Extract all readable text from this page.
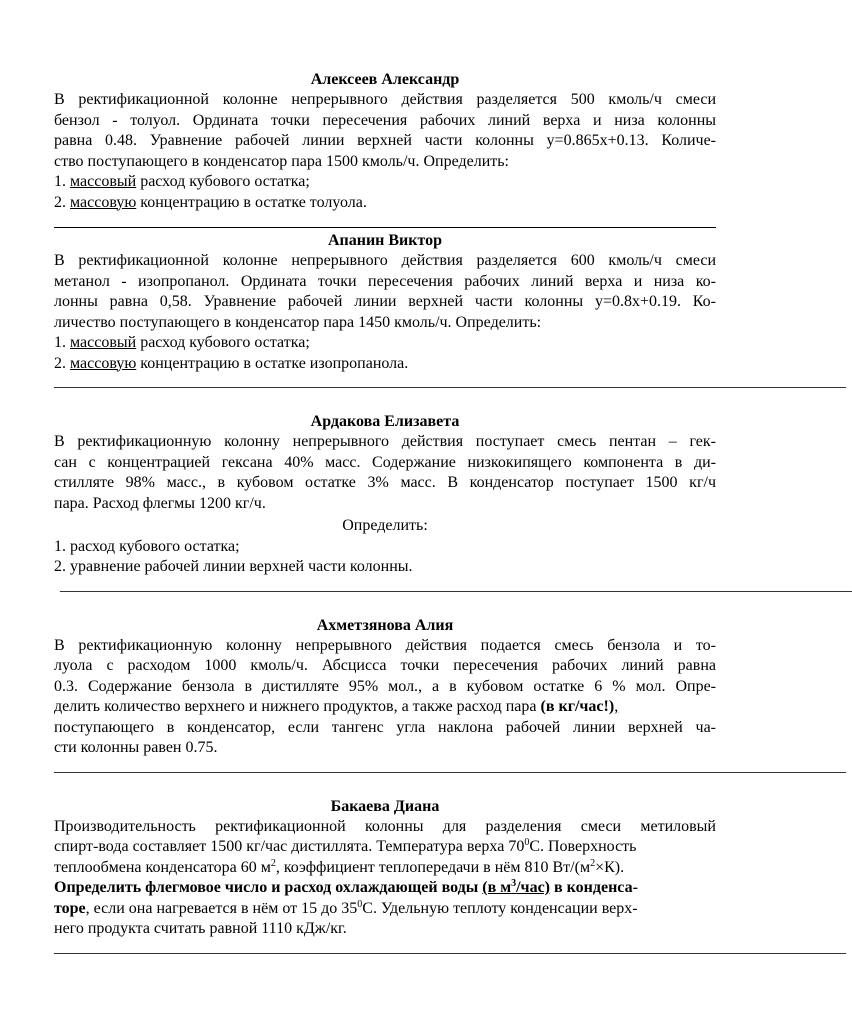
Алексеев Александр

В ректификационной колонне непрерывного действия разделяется 500 кмоль/ч смеси

бензол - толуол. Ордината точки пересечения рабочих линий верха и низа колонны

равна 0.48. Уравнение рабочей линии верхней части колонны y=0.865x+0.13. Количе-

ство поступающего в конденсатор пара 1500 кмоль/ч. Определить:

1. массовый расход кубового остатка;

2. массовую концентрацию в остатке толуола.

Апанин Виктор

В ректификационной колонне непрерывного действия разделяется 600 кмоль/ч смеси

метанол - изопропанол. Ордината точки пересечения рабочих линий верха и низа ко-

лонны равна 0,58. Уравнение рабочей линии верхней части колонны y=0.8x+0.19. Ко-

личество поступающего в конденсатор пара 1450 кмоль/ч. Определить:

1. массовый расход кубового остатка;

2. массовую концентрацию в остатке изопропанола.

___________________________________________________________________________________________________

Ардакова Елизавета

В ректификационную колонну непрерывного действия поступает смесь пентан – гек-

сан с концентрацией гексана 40% масс. Содержание низкокипящего компонента в ди-

стилляте 98% масс., в кубовом остатке 3% масс. В конденсатор поступает 1500 кг/ч

пара. Расход флегмы 1200 кг/ч.

Определить:

1. расход кубового остатка;

2. уравнение рабочей линии верхней части колонны.

___________________________________________________________________________________________________

Ахметзянова Алия

В ректификационную колонну непрерывного действия подается смесь бензола и то-

луола с расходом 1000 кмоль/ч. Абсцисса точки пересечения рабочих линий равна

0.3. Содержание бензола в дистилляте 95% мол., а в кубовом остатке 6 % мол. Опре-

делить количество верхнего и нижнего продуктов, а также расход пара (в кг/час!),

поступающего в конденсатор, если тангенс угла наклона рабочей линии верхней ча-

сти колонны равен 0.75.

___________________________________________________________________________________________________

Бакаева Диана

Производительность ректификационной колонны для разделения смеси метиловый

спирт-вода составляет 1500 кг/час дистиллята. Температура верха $70^0С$. Поверхность

теплообмена конденсатора 60 $м^2$, коэффициент теплопередачи в нём 810 $Вт/(м^2\times К)$.

Определить флегмовое число и расход охлаждающей воды (в $м^3/час$) в конденса-

торе, если она нагревается в нём от 15 до $35^0С$. Удельную теплоту конденсации верх-

него продукта считать равной 1110 кДж/кг.

___________________________________________________________________________________________________
